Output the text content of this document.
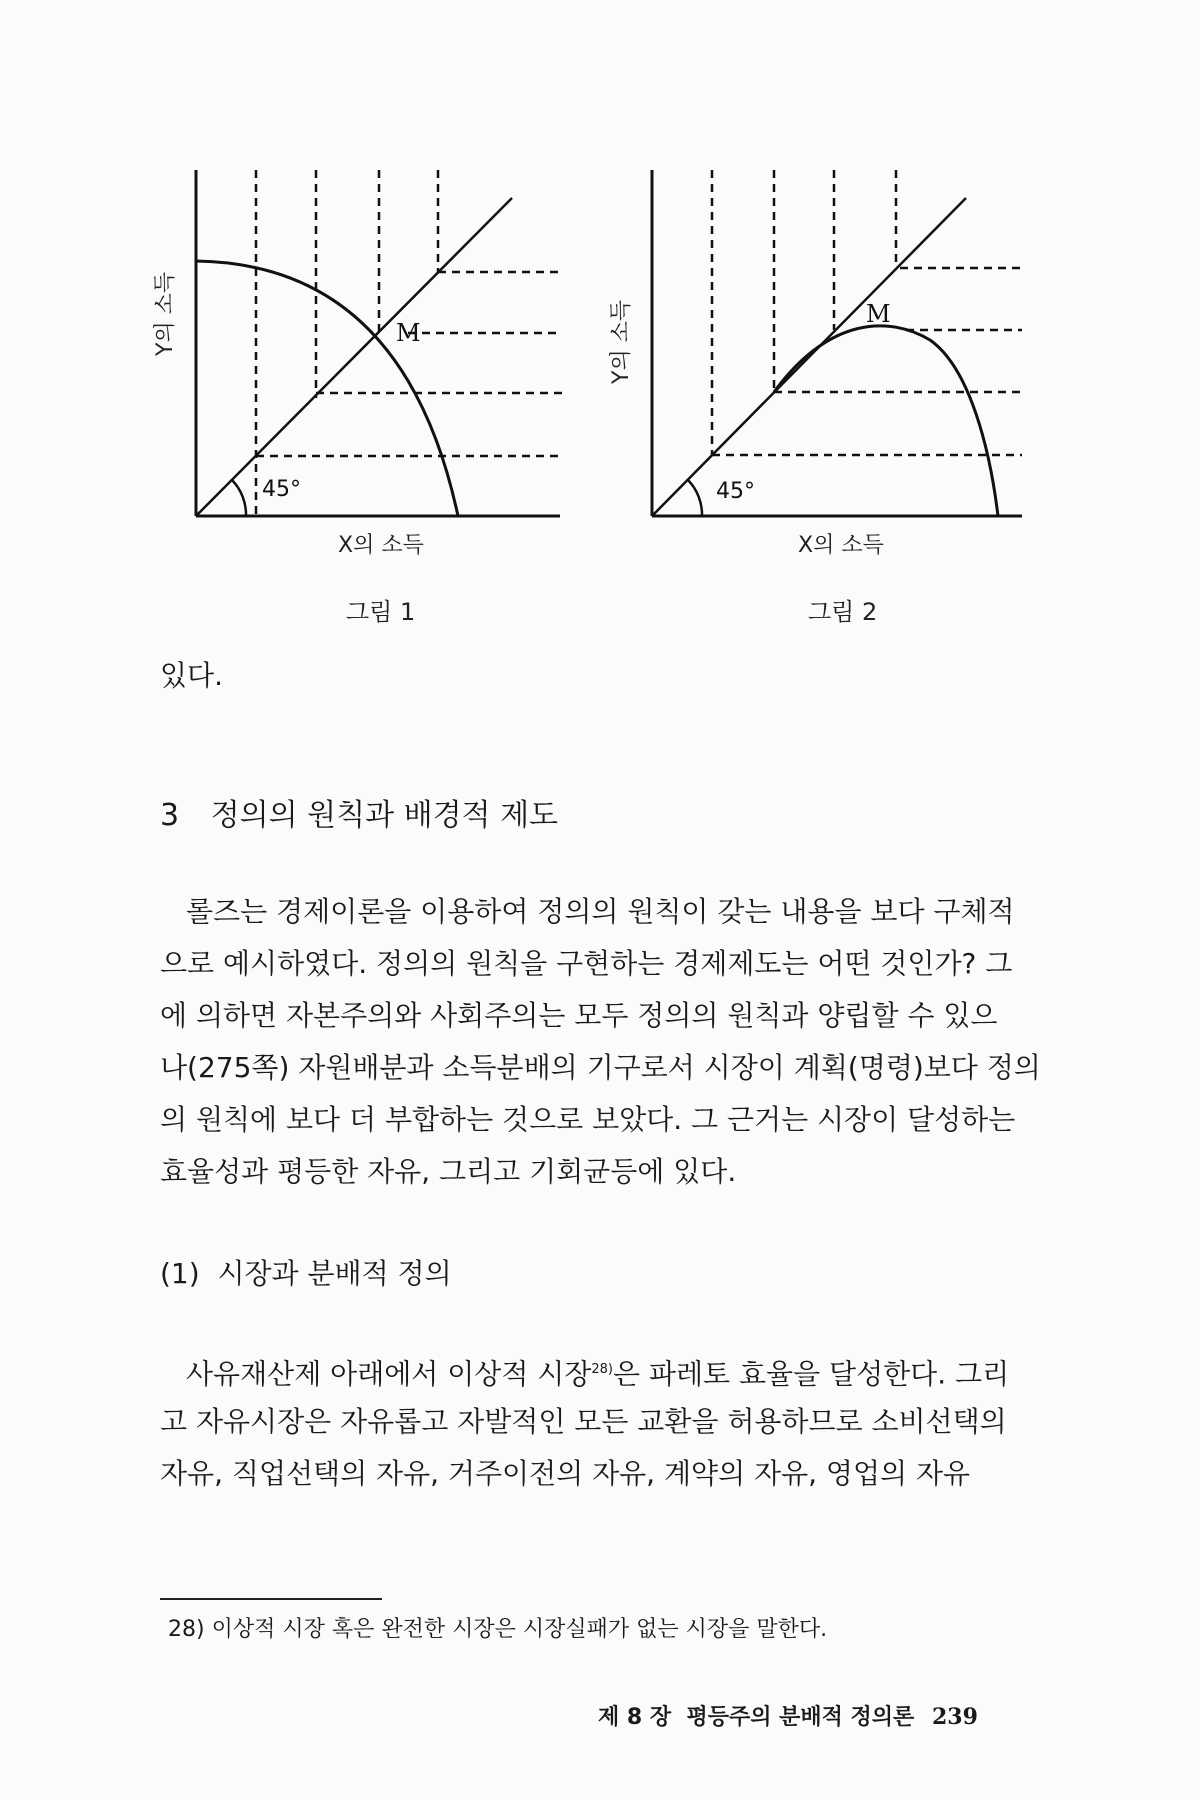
45°
M
Y의 소득
X의 소득
그림 1
45°
M
Y의 소득
X의 소득
그림 2
있다.
3 정의의 원칙과 배경적 제도
롤즈는 경제이론을 이용하여 정의의 원칙이 갖는 내용을 보다 구체적
으로 예시하였다. 정의의 원칙을 구현하는 경제제도는 어떤 것인가? 그
에 의하면 자본주의와 사회주의는 모두 정의의 원칙과 양립할 수 있으
나(275쪽) 자원배분과 소득분배의 기구로서 시장이 계획(명령)보다 정의
의 원칙에 보다 더 부합하는 것으로 보았다. 그 근거는 시장이 달성하는
효율성과 평등한 자유, 그리고 기회균등에 있다.
(1)  시장과 분배적 정의
사유재산제 아래에서 이상적 시장$^{28)}$은 파레토 효율을 달성한다. 그리
고 자유시장은 자유롭고 자발적인 모든 교환을 허용하므로 소비선택의
자유, 직업선택의 자유, 거주이전의 자유, 계약의 자유, 영업의 자유
28) 이상적 시장 혹은 완전한 시장은 시장실패가 없는 시장을 말한다.
제 8 장  평등주의 분배적 정의론 239
